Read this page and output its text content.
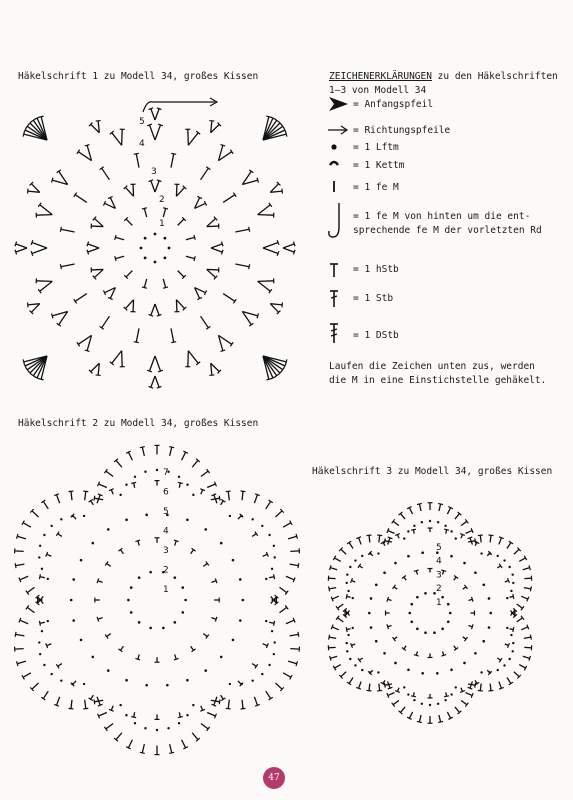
Häkelschrift 1 zu Modell 34, großes Kissen
Häkelschrift 2 zu Modell 34, großes Kissen
Häkelschrift 3 zu Modell 34, großes Kissen
ZEICHENERKLÄRUNGEN zu den Häkelschriften
1–3 von Modell 34
= Anfangspfeil
= Richtungspfeile
= 1 Lftm
= 1 Kettm
= 1 fe M
= 1 fe M von hinten um die ent-
sprechende fe M der vorletzten Rd
= 1 hStb
= 1 Stb
= 1 DStb
Laufen die Zeichen unten zus, werden
die M in eine Einstichstelle gehäkelt.
1
2
3
4
5
1
2
3
4
5
6
7
1
2
3
4
5
47
